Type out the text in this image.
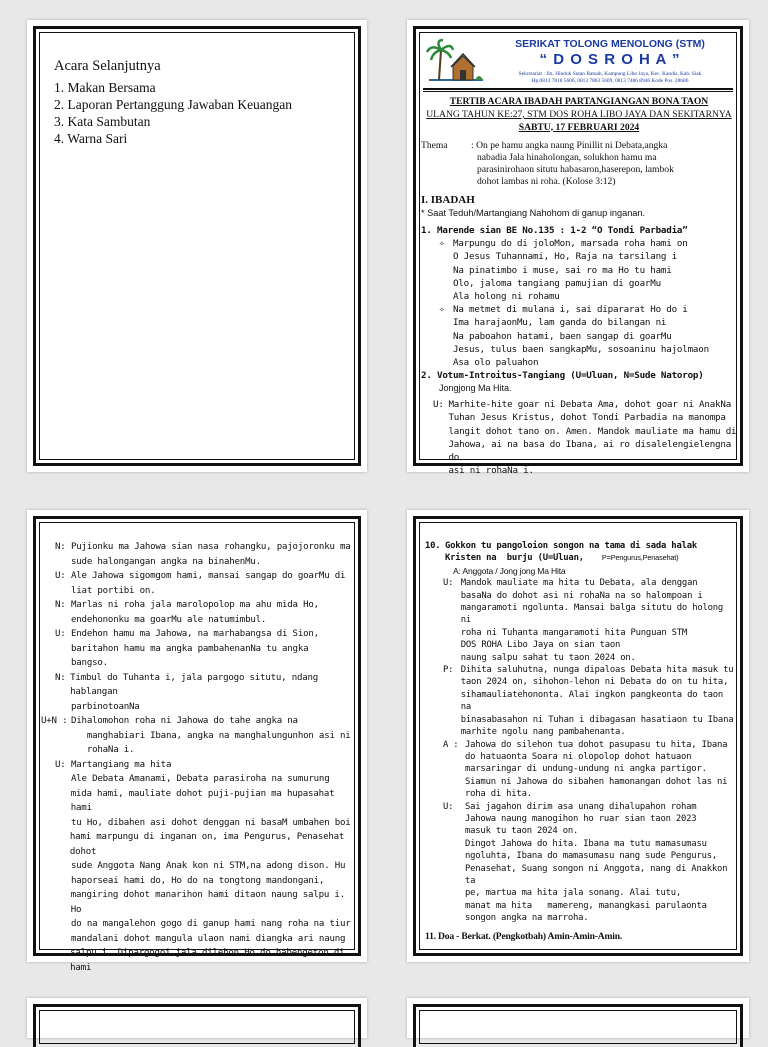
Acara Selanjutnya
1. Makan Bersama
2. Laporan Pertanggung Jawaban Keuangan
3. Kata Sambutan
4. Warna Sari
SERIKAT TOLONG MENOLONG (STM)
“ D O S R O H A ”
Sekretariat : Jln. Hinduk Sutan Batuah, Kampung Libo Jaya, Kec. Kandis, Kab. Siak
Hp.0813 7818 5606, 0813 7863 5609, 0813 7486 8946 Kode Pos. 28686
TERTIB ACARA IBADAH PARTANGIANGAN BONA TAON
ULANG TAHUN KE:27, STM DOS ROHA LIBO JAYA DAN SEKITARNYA
SABTU, 17 FEBRUARI 2024
Thema	: On pe hamu angka naung Pinillit ni Debata,angka
nabadia Jala hinaholongan, solukhon hamu ma
parasinirohaon situtu habasaron,haserepon, lambok
dohot lambas ni roha. (Kolose 3:12)
I. IBADAH
* Saat Teduh/Martangiang Nahohom di ganup inganan.
1. Marende sian BE No.135 : 1-2 “O Tondi Parbadia”
✧ Marpungu do di joloMon, marsada roha hami on
O Jesus Tuhannami, Ho, Raja na tarsilang i
Na pinatimbo i muse, sai ro ma Ho tu hami
Olo, jaloma tangiang pamujian di goarMu
Ala holong ni rohamu
✧ Na metmet di mulana i, sai dipararat Ho do i
Ima harajaonMu, lam ganda do bilangan ni
Na paboahon hatami, baen sangap di goarMu
Jesus, tulus baen sangkapMu, sosoaninu hajolmaon
Asa olo paluahon
2. Votum-Introitus-Tangiang (U=Uluan, N=Sude Natorop)
Jongjong Ma Hita.
U: Marhite-hite goar ni Debata Ama, dohot goar ni AnakNa
Tuhan Jesus Kristus, dohot Tondi Parbadia na manompa
langit dohot tano on. Amen. Mandok mauliate ma hamu di
Jahowa, ai na basa do Ibana, ai ro disalelengielengna do
asi ni rohaNa i.
N: Pujionku ma Jahowa sian nasa rohangku, pajojoronku ma
sude halongangan angka na binahenMu.
U: Ale Jahowa sigomgom hami, mansai sangap do goarMu di
liat portibi on.
N: Marlas ni roha jala marolopolop ma ahu mida Ho,
endehononku ma goarMu ale natumimbul.
U: Endehon hamu ma Jahowa, na marhabangsa di Sion,
baritahon hamu ma angka pambahenanNa tu angka
bangso.
N: Timbul do Tuhanta i, jala pargogo situtu, ndang hablangan
parbinotoanNa
U+N : Dihalomohon roha ni Jahowa do tahe angka na
manghabiari Ibana, angka na manghalungunhon asi ni
rohaNa i.
U: Martangiang ma hita
Ale Debata Amanami, Debata parasiroha na sumurung
mida hami, mauliate dohot puji-pujian ma hupasahat hami
tu Ho, dibahen asi dohot denggan ni basaM umbahen boi
hami marpungu di inganan on, ima Pengurus, Penasehat dohot
sude Anggota Nang Anak kon ni STM,na adong dison. Hu
haporseai hami do, Ho do na tongtong mandongani,
mangiring dohot manarihon hami ditaon naung salpu i. Ho
do na mangalehon gogo di ganup hami nang roha na tiur
mandalani dohot mangula ulaon nami diangka ari naung
salpu i. Dipargogoi jala dilehon Ho do habengeton di hami
10. Gokkon tu pangoloion songon na tama di sada halak
Kristen na  burju (U=Uluan, P=Pengurus,Penasehat)
A: Anggota / Jong jong Ma Hita
U: Mandok mauliate ma hita tu Debata, ala denggan
basaNa do dohot asi ni rohaNa na so halompoan i
mangaramoti ngolunta. Mansai balga situtu do holong ni
roha ni Tuhanta mangaramoti hita Punguan STM
DOS ROHA Libo Jaya on sian taon
naung salpu sahat tu taon 2024 on.
P: Dihita saluhutna, nunga dipaloas Debata hita masuk tu
taon 2024 on, sihohon-lehon ni Debata do on tu hita,
sihamauliatehononta. Alai ingkon pangkeonta do taon na
binasabasahon ni Tuhan i dibagasan hasatiaon tu Ibana
marhite ngolu nang pambahenanta.
A : Jahowa do silehon tua dohot pasupasu tu hita, Ibana
do hatuaonta Soara ni olopolop dohot hatuaon
marsaringar di undung-undung ni angka partigor.
Siamun ni Jahowa do sibahen hamonangan dohot las ni
roha di hita.
U:	Sai jagahon dirim asa unang dihalupahon roham
Jahowa naung manogihon ho ruar sian taon 2023
masuk tu taon 2024 on.
Dingot Jahowa do hita. Ibana ma tutu mamasumasu
ngoluhta, Ibana do mamasumasu nang sude Pengurus,
Penasehat, Suang songon ni Anggota, nang di Anakkon ta
pe, martua ma hita jala sonang. Alai tutu,
manat ma hita   mamereng, manangkasi parulaonta
songon angka na marroha.
11. Doa - Berkat. (Pengkotbah) Amin-Amin-Amin.
